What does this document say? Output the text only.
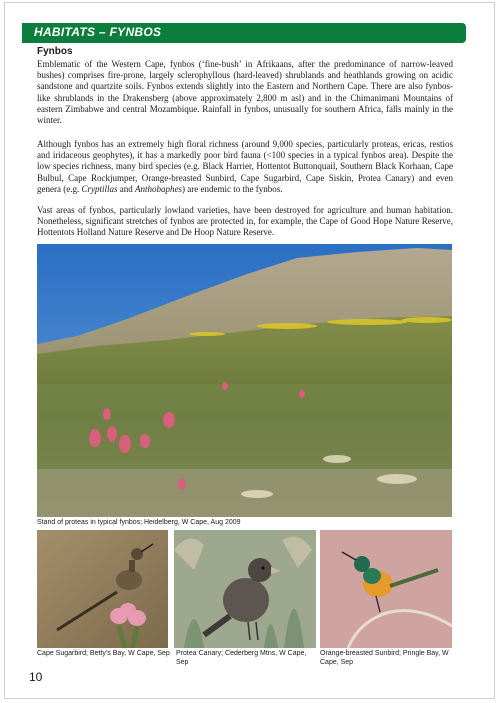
HABITATS – FYNBOS
Fynbos

Emblematic of the Western Cape, fynbos (‘fine-bush’ in Afrikaans, after the predominance of narrow-leaved bushes) comprises fire-prone, largely sclerophyllous (hard-leaved) shrublands and heathlands growing on acidic sandstone and quartzite soils. Fynbos extends slightly into the Eastern and Northern Cape. There are also fynbos-like shrublands in the Drakensberg (above approximately 2,800 m asl) and in the Chimanimani Mountains of eastern Zimbabwe and central Mozambique. Rainfall in fynbos, unusually for southern Africa, falls mainly in the winter.

Although fynbos has an extremely high floral richness (around 9,000 species, particularly proteas, ericas, restios and iridaceous geophytes), it has a markedly poor bird fauna (<100 species in a typical fynbos area). Despite the low species richness, many bird species (e.g. Black Harrier, Hottentot Buttonquail, Southern Black Korhaan, Cape Bulbul, Cape Rockjumper, Orange-breasted Sunbird, Cape Sugarbird, Cape Siskin, Protea Canary) and even genera (e.g. Cryptillas and Anthobaphes) are endemic to the fynbos.

Vast areas of fynbos, particularly lowland varieties, have been destroyed for agriculture and human habitation. Nonetheless, significant stretches of fynbos are protected in, for example, the Cape of Good Hope Nature Reserve, Hottentots Holland Nature Reserve and De Hoop Nature Reserve.

Stand of proteas in typical fynbos; Heidelberg, W Cape, Aug 2009
Cape Sugarbird; Betty’s Bay, W Cape, Sep Protea Canary; Cederberg Mtns, W Cape, Sep
Orange-breasted Sunbird; Pringle Bay, W Cape, Sep
10
